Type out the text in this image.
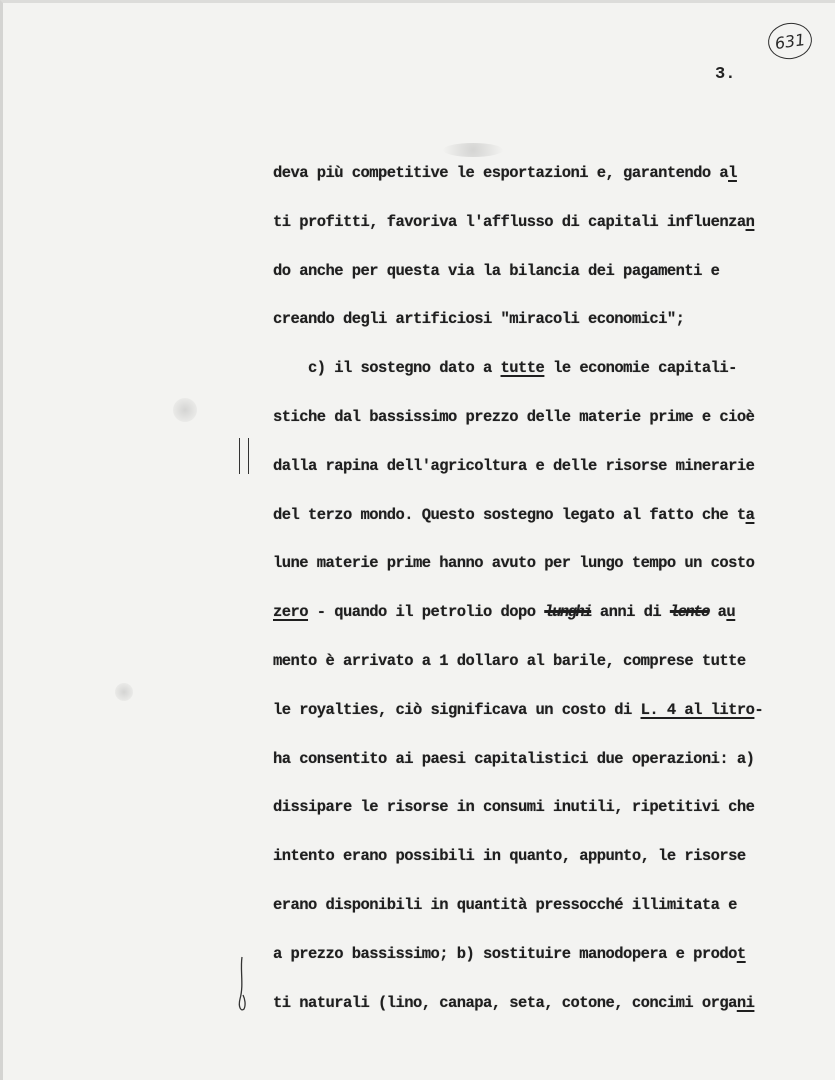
631
3.
deva più competitive le esportazioni e, garantendo al
ti profitti, favoriva l'afflusso di capitali influenzan
do anche per questa via la bilancia dei pagamenti e
creando degli artificiosi "miracoli economici";
c) il sostegno dato a tutte le economie capitali-
stiche dal bassissimo prezzo delle materie prime e cioè
dalla rapina dell'agricoltura e delle risorse minerarie
del terzo mondo. Questo sostegno legato al fatto che ta
lune materie prime hanno avuto per lungo tempo un costo
zero - quando il petrolio dopo lunghi anni di lento au
mento è arrivato a 1 dollaro al barile, comprese tutte
le royalties, ciò significava un costo di L. 4 al litro-
ha consentito ai paesi capitalistici due operazioni: a)
dissipare le risorse in consumi inutili, ripetitivi che
intento erano possibili in quanto, appunto, le risorse
erano disponibili in quantità pressocché illimitata e
a prezzo bassissimo; b) sostituire manodopera e prodot
ti naturali (lino, canapa, seta, cotone, concimi organi
